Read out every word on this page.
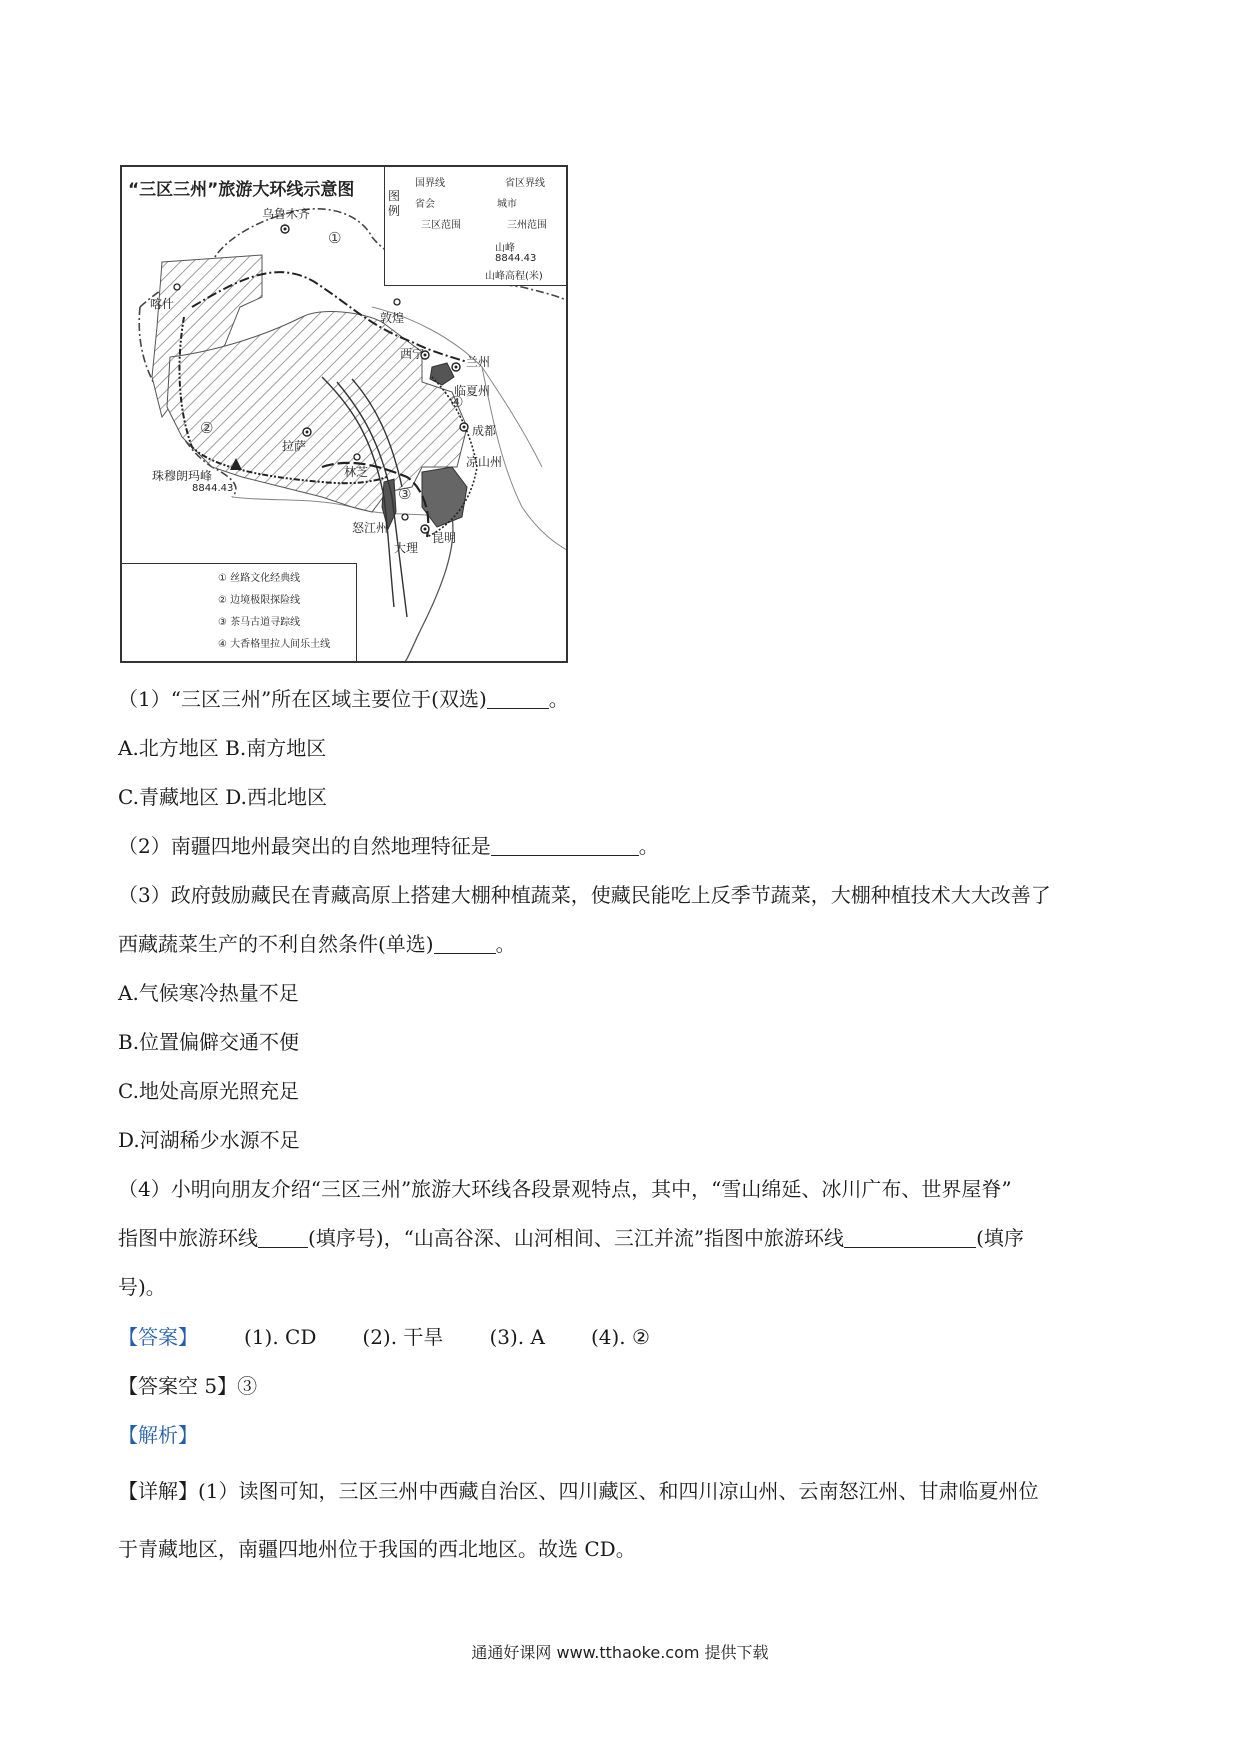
“三区三州”旅游大环线示意图	图例
国界线	省区界线
省会	城市
三区范围	三州范围
山峰
8844.43
山峰高程(米)
① 丝路文化经典线
② 边境极限探险线
③ 茶马古道寻踪线
④ 大香格里拉人间乐土线
乌鲁木齐
喀什
敦煌
西宁
兰州
临夏州
成都
凉山州
怒江州
大理
昆明
拉萨
林芝
珠穆朗玛峰
8844.43
①
②
③
④
（1）“三区三州”所在区域主要位于(双选)	。
A.北方地区 B.南方地区
C.青藏地区 D.西北地区
（2）南疆四地州最突出的自然地理特征是	。
（3）政府鼓励藏民在青藏高原上搭建大棚种植蔬菜，使藏民能吃上反季节蔬菜，大棚种植技术大大改善了
西藏蔬菜生产的不利自然条件(单选)	。
A.气候寒冷热量不足
B.位置偏僻交通不便
C.地处高原光照充足
D.河湖稀少水源不足
（4）小明向朋友介绍“三区三州”旅游大环线各段景观特点，其中，“雪山绵延、冰川广布、世界屋脊”
指图中旅游环线	(填序号)，“山高谷深、山河相间、三江并流”指图中旅游环线	(填序
号)。
【答案】 (1). CD (2). 干旱 (3). A (4). ②
【答案空 5】③
【解析】
【详解】(1）读图可知，三区三州中西藏自治区、四川藏区、和四川凉山州、云南怒江州、甘肃临夏州位
于青藏地区，南疆四地州位于我国的西北地区。故选 CD。
通通好课网 www.tthaoke.com 提供下载
